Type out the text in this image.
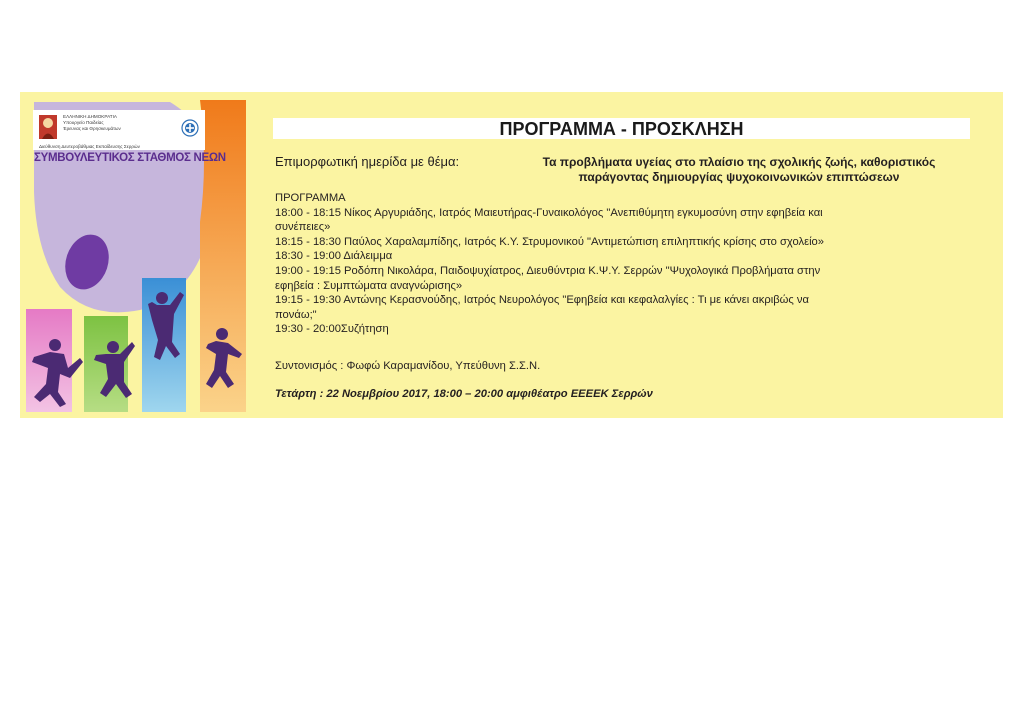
ΕΛΛΗΝΙΚΗ ΔΗΜΟΚΡΑΤΙΑ
Υπουργείο Παιδείας
Έρευνας και Θρησκευμάτων
Διεύθυνση Δευτεροβάθμιας Εκπαίδευσης Σερρών
ΣΥΜΒΟΥΛΕΥΤΙΚΟΣ ΣΤΑΘΜΟΣ ΝΕΩΝ
ΠΡΟΓΡΑΜΜΑ - ΠΡΟΣΚΛΗΣΗ
Επιμορφωτική ημερίδα με θέμα:	Τα προβλήματα υγείας στο πλαίσιο της σχολικής ζωής, καθοριστικός
παράγοντας δημιουργίας ψυχοκοινωνικών επιπτώσεων
ΠΡΟΓΡΑΜΜΑ
18:00 - 18:15 Νίκος Αργυριάδης, Ιατρός Μαιευτήρας-Γυναικολόγος "Ανεπιθύμητη εγκυμοσύνη στην εφηβεία και
συνέπειες»
18:15 - 18:30 Παύλος Χαραλαμπίδης, Ιατρός Κ.Υ. Στρυμονικού "Αντιμετώπιση επιληπτικής κρίσης στο σχολείο»
18:30 - 19:00 Διάλειμμα
19:00 - 19:15 Ροδόπη Νικολάρα, Παιδοψυχίατρος, Διευθύντρια Κ.Ψ.Υ. Σερρών "Ψυχολογικά Προβλήματα στην
εφηβεία : Συμπτώματα αναγνώρισης»
19:15 - 19:30 Αντώνης Κερασνούδης, Ιατρός Νευρολόγος "Εφηβεία και κεφαλαλγίες : Τι με κάνει ακριβώς να
πονάω;"
19:30 - 20:00Συζήτηση
Συντονισμός : Φωφώ Καραμανίδου, Υπεύθυνη Σ.Σ.Ν.
Τετάρτη : 22 Νοεμβρίου 2017, 18:00 – 20:00 αμφιθέατρο ΕΕΕΕΚ Σερρών
